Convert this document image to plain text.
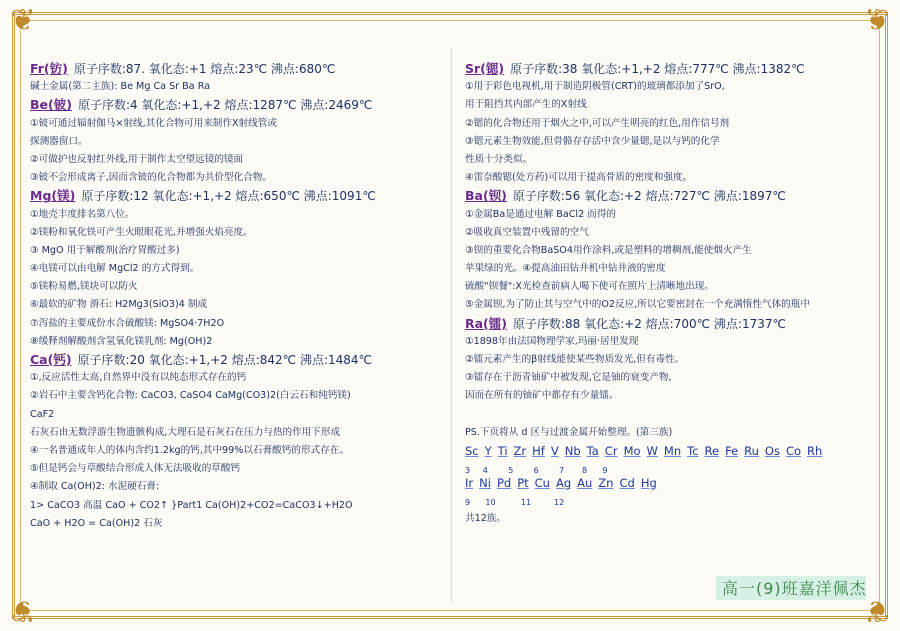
❦	❦
❦	❦
Fr(钫) 原子序数:87. 氧化态:+1 熔点:23℃ 沸点:680℃
碱土金属(第二主族): Be Mg Ca Sr Ba Ra
Be(铍) 原子序数:4 氧化态:+1,+2 熔点:1287℃ 沸点:2469℃
①铍可通过辐射伽马×射线,其化合物可用来制作X射线管或
探测器窗口。
②可做护也反射红外线,用于制作太空望远镜的镜面
③铍不会形成离子,因而含铍的化合物都为共价型化合物。
Mg(镁) 原子序数:12 氧化态:+1,+2 熔点:650℃ 沸点:1091℃
①地壳丰度排名第八位。
②镁粉和氧化铁可产生火眼眼花光,并增强火焰亮度。
③ MgO 用于解酸剂(治疗胃酸过多)
④电镁可以由电解 MgCl2 的方式得到。
⑤镁粉易燃,镁块可以防火
⑥最软的矿物 滑石: H2Mg3(SiO3)4 制成
⑦泻盐的主要成份水合硫酸镁: MgSO4·7H2O
⑧缓释剂解酸剂含氢氧化镁乳剂: Mg(OH)2
Ca(钙) 原子序数:20 氧化态:+1,+2 熔点:842℃ 沸点:1484℃
①,反应活性太高,自然界中没有以纯态形式存在的钙
②岩石中主要含钙化合物: CaCO3, CaSO4 CaMg(CO3)2(白云石和纯钙镁)
CaF2
石灰石由无数浮游生物遗骸构成,大理石是石灰石在压力与热的作用下形成
④一名普通成年人的体内含约1.2kg的钙,其中99%以石膏酸钙的形式存在。
⑤但是钙会与草酸结合形成人体无法吸收的草酸钙
④制取 Ca(OH)2: 水泥硬石膏:
1> CaCO3 高温 CaO + CO2↑ }Part1 Ca(OH)2+CO2=CaCO3↓+H2O
CaO + H2O = Ca(OH)2 石灰
Sr(锶) 原子序数:38 氧化态:+1,+2 熔点:777℃ 沸点:1382℃
①用于彩色电视机,用于制造阴极管(CRT)的玻璃都添加了SrO,
用于阻挡其内部产生的X射线
②锶的化合物还用于烟火之中,可以产生明亮的红色,用作信号剂
③锶元素生物效能,但骨骼存存活中含少量锶,是以与钙的化学
性质十分类似。
④雷奈酸锶(处方药)可以用于提高骨质的密度和强度。
Ba(钡) 原子序数:56 氧化态:+2 熔点:727℃ 沸点:1897℃
①金属Ba是通过电解 BaCl2 而得的
②吸收真空装置中残留的空气
③钡的重要化合物BaSO4用作涂料,或是塑料的增稠剂,能使烟火产生
苹果绿的光。④提高油田钻井机中钻井液的密度
硫酸"钡餐":X光检查前病人喝下使可在照片上清晰地出现。
⑤金属钡,为了防止其与空气中的O2反应,所以它要密封在一个充满惰性气体的瓶中
Ra(镭) 原子序数:88 氧化态:+2 熔点:700℃ 沸点:1737℃
①1898年由法国物理学家,玛丽·居里发现
②镭元素产生的β射线能使某些物质发光,但有毒性。
③镭存在于沥青铀矿中被发现,它是铀的衰变产物,
因而在所有的铀矿中都存有少量镭。
PS.下页将从 d 区与过渡金属开始整理。(第三族)
Sc Y Ti Zr Hf V Nb Ta Cr Mo W Mn Tc Re Fe Ru Os Co Rh
3     4        5        6        7       8      9
Ir Ni Pd Pt Cu Ag Au Zn Cd Hg
9      10          11         12
共12族。
高一(9)班嘉洋佩杰
